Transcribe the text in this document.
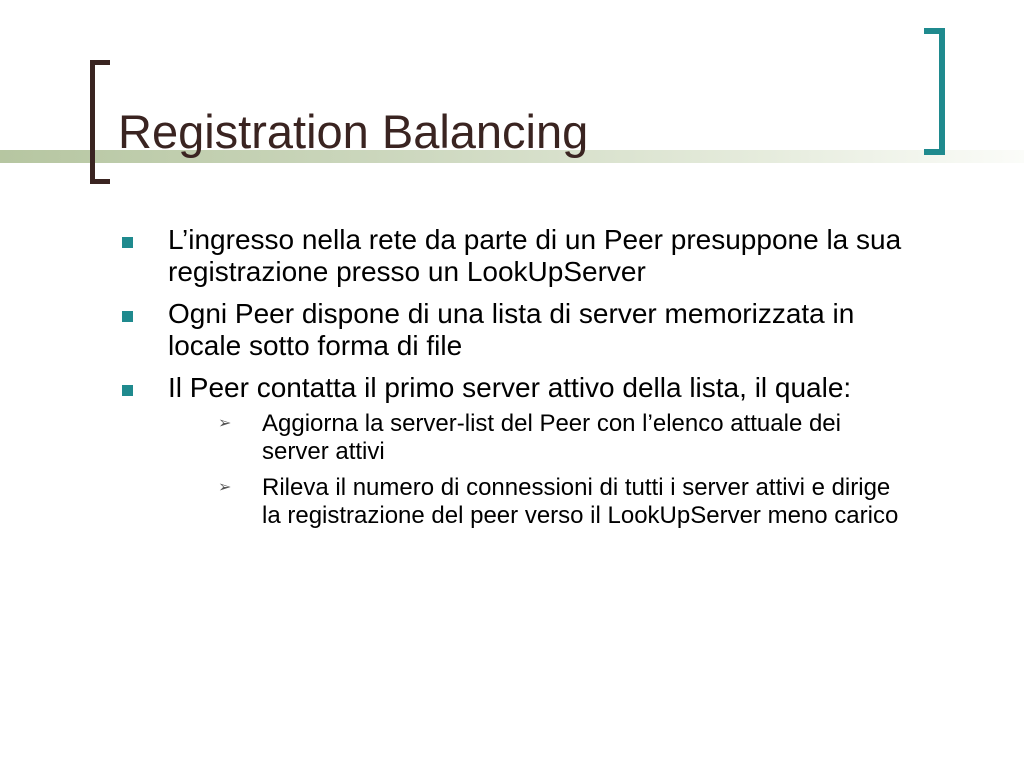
Registration Balancing
L’ingresso nella rete da parte di un Peer presuppone la sua registrazione presso un LookUpServer
Ogni Peer dispone di una lista di server memorizzata in locale sotto forma di file
Il Peer contatta il primo server attivo della lista, il quale:
➢ Aggiorna la server-list del Peer con l’elenco attuale dei server attivi
➢ Rileva il numero di connessioni di tutti i server attivi e dirige la registrazione del peer verso il LookUpServer meno carico
